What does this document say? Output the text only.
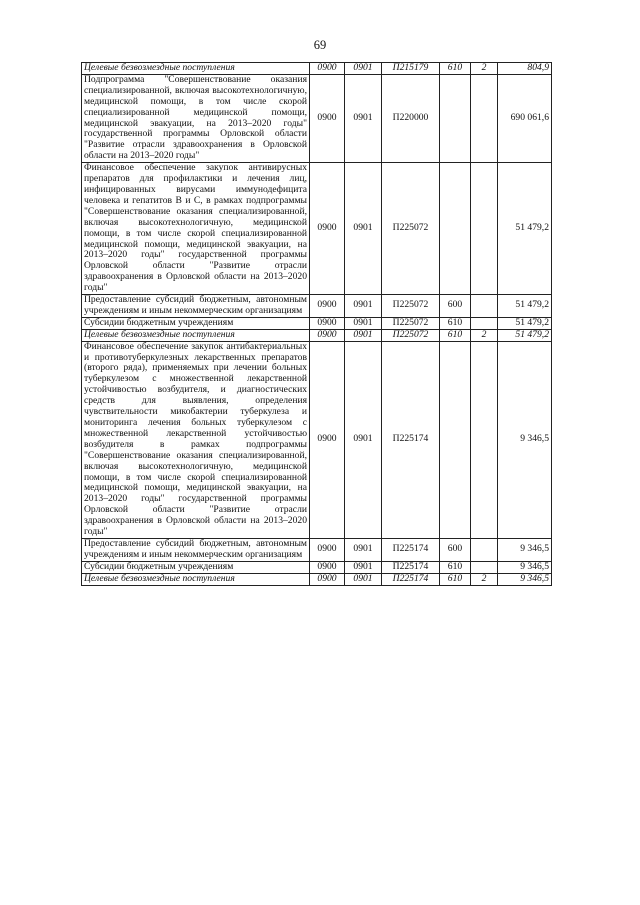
69
Целевые безвозмездные поступления	0900	0901	П215179	610	2	804,9
Подпрограмма "Совершенствование оказания специализированной, включая высокотехнологичную, медицинской помощи, в том числе скорой специализированной медицинской помощи, медицинской эвакуации, на 2013–2020 годы" государственной программы Орловской области "Развитие отрасли здравоохранения в Орловской области на 2013–2020 годы"	0900	0901	П220000			690 061,6
Финансовое обеспечение закупок антивирусных препаратов для профилактики и лечения лиц, инфицированных вирусами иммунодефицита человека и гепатитов B и C, в рамках подпрограммы "Совершенствование оказания специализированной, включая высокотехнологичную, медицинской помощи, в том числе скорой специализированной медицинской помощи, медицинской эвакуации, на 2013–2020 годы" государственной программы Орловской области "Развитие отрасли здравоохранения в Орловской области на 2013–2020 годы"	0900	0901	П225072			51 479,2
Предоставление субсидий бюджетным, автономным учреждениям и иным некоммерческим организациям	0900	0901	П225072	600		51 479,2
Субсидии бюджетным учреждениям	0900	0901	П225072	610		51 479,2
Целевые безвозмездные поступления	0900	0901	П225072	610	2	51 479,2
Финансовое обеспечение закупок антибактериальных и противотуберкулезных лекарственных препаратов (второго ряда), применяемых при лечении больных туберкулезом с множественной лекарственной устойчивостью возбудителя, и диагностических средств для выявления, определения чувствительности микобактерии туберкулеза и мониторинга лечения больных туберкулезом с множественной лекарственной устойчивостью возбудителя в рамках подпрограммы "Совершенствование оказания специализированной, включая высокотехнологичную, медицинской помощи, в том числе скорой специализированной медицинской помощи, медицинской эвакуации, на 2013–2020 годы" государственной программы Орловской области "Развитие отрасли здравоохранения в Орловской области на 2013–2020 годы"	0900	0901	П225174			9 346,5
Предоставление субсидий бюджетным, автономным учреждениям и иным некоммерческим организациям	0900	0901	П225174	600		9 346,5
Субсидии бюджетным учреждениям	0900	0901	П225174	610		9 346,5
Целевые безвозмездные поступления	0900	0901	П225174	610	2	9 346,5
